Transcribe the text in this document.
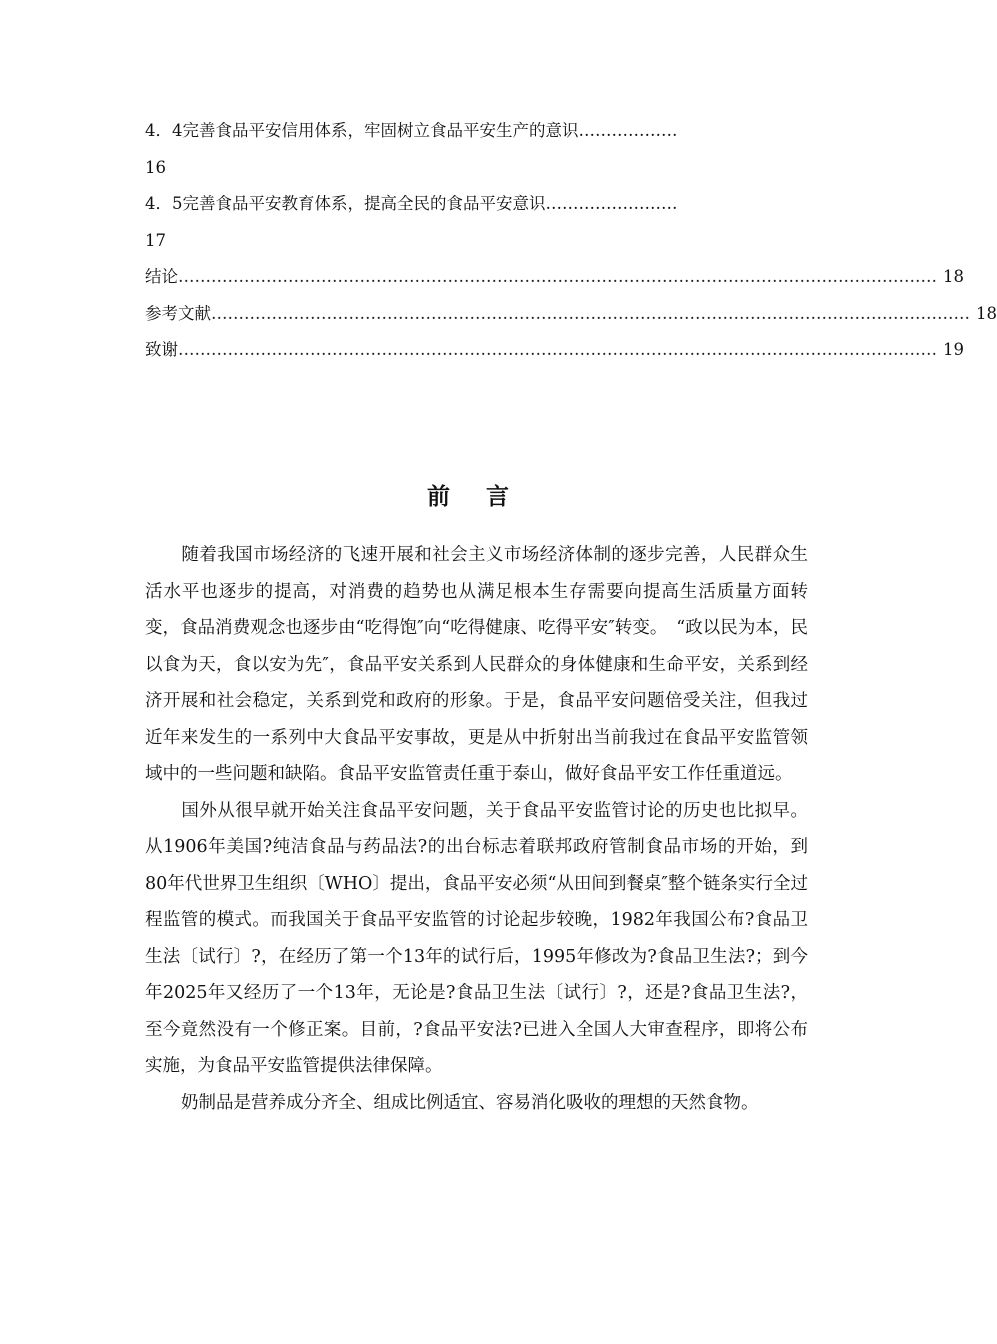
4．4完善食品平安信用体系，牢固树立食品平安生产的意识………………
16
4．5完善食品平安教育体系，提高全民的食品平安意识……………………
17
结论 ………………………………………………………………………………………………………………………… 18
参考文献 ………………………………………………………………………………………………………………………… 18
致谢 ………………………………………………………………………………………………………………………… 19
前 言

随着我国市场经济的飞速开展和社会主义市场经济体制的逐步完善，人民群众生活水平也逐步的提高，对消费的趋势也从满足根本生存需要向提高生活质量方面转变，食品消费观念也逐步由“吃得饱″向“吃得健康、吃得平安″转变。　“政以民为本，民以食为天，食以安为先″，食品平安关系到人民群众的身体健康和生命平安，关系到经济开展和社会稳定，关系到党和政府的形象。于是，食品平安问题倍受关注，但我过近年来发生的一系列中大食品平安事故，更是从中折射出当前我过在食品平安监管领域中的一些问题和缺陷。食品平安监管责任重于泰山，做好食品平安工作任重道远。

国外从很早就开始关注食品平安问题，关于食品平安监管讨论的历史也比拟早。从1906年美国?纯洁食品与药品法?的出台标志着联邦政府管制食品市场的开始，到80年代世界卫生组织〔WHO〕提出，食品平安必须“从田间到餐桌″整个链条实行全过程监管的模式。而我国关于食品平安监管的讨论起步较晚，1982年我国公布?食品卫生法〔试行〕?，在经历了第一个13年的试行后，1995年修改为?食品卫生法?；到今年2025年又经历了一个13年，无论是?食品卫生法〔试行〕?，还是?食品卫生法?，至今竟然没有一个修正案。目前，?食品平安法?已进入全国人大审查程序，即将公布实施，为食品平安监管提供法律保障。

奶制品是营养成分齐全、组成比例适宜、容易消化吸收的理想的天然食物。
